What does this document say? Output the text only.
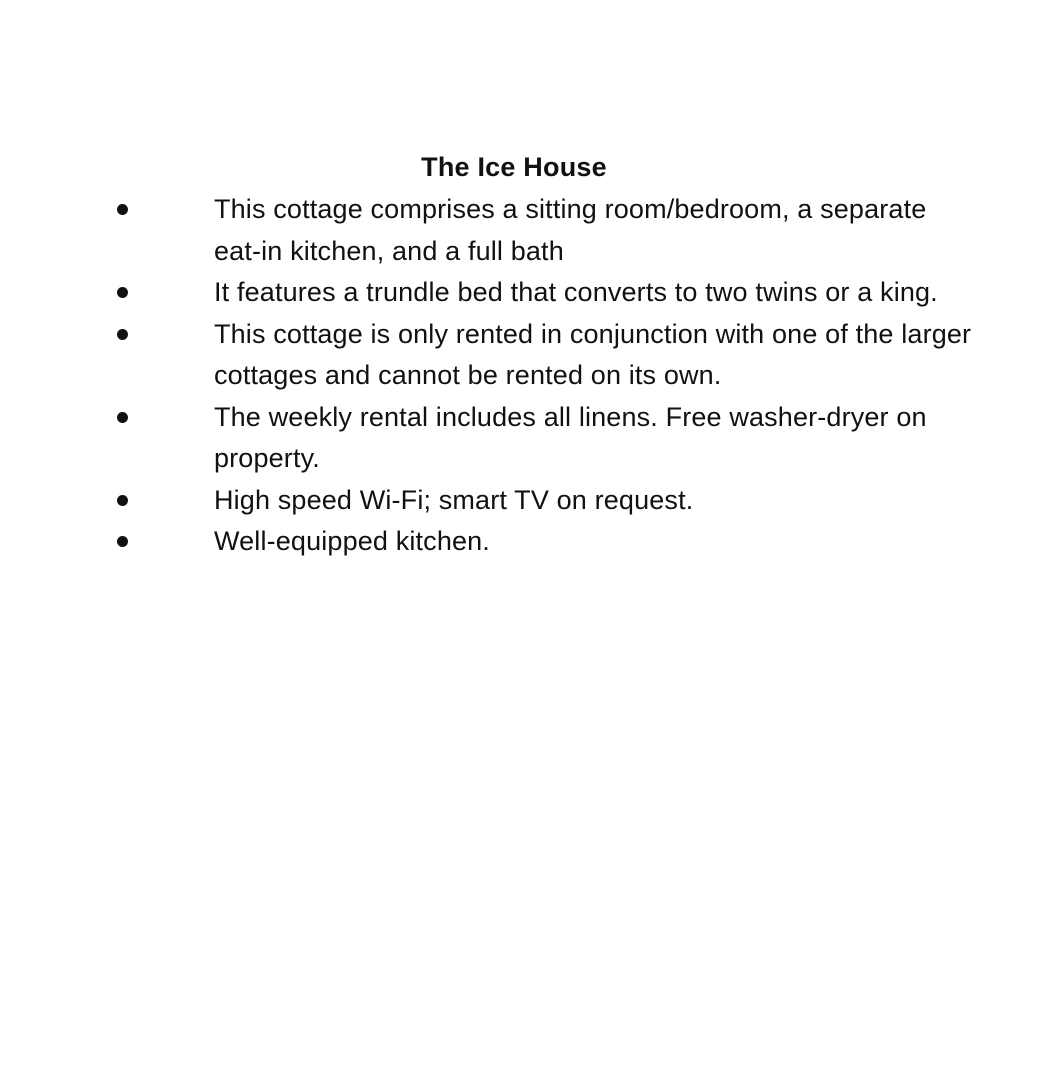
The Ice House
This cottage comprises a sitting room/bedroom, a separate eat-in kitchen, and a full bath
It features a trundle bed that converts to two twins or a king.
This cottage is only rented in conjunction with one of the larger cottages and cannot be rented on its own.
The weekly rental includes all linens. Free washer-dryer on property.
High speed Wi-Fi; smart TV on request.
Well-equipped kitchen.
